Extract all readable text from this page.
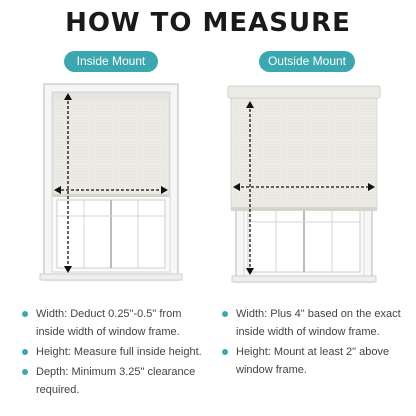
HOW TO MEASURE
Inside Mount	Outside Mount
Width: Deduct 0.25"-0.5" from inside width of window frame.
Height: Measure full inside height.
Depth: Minimum 3.25" clearance required.
Width: Plus 4" based on the exact inside width of window frame.
Height: Mount at least 2" above window frame.
